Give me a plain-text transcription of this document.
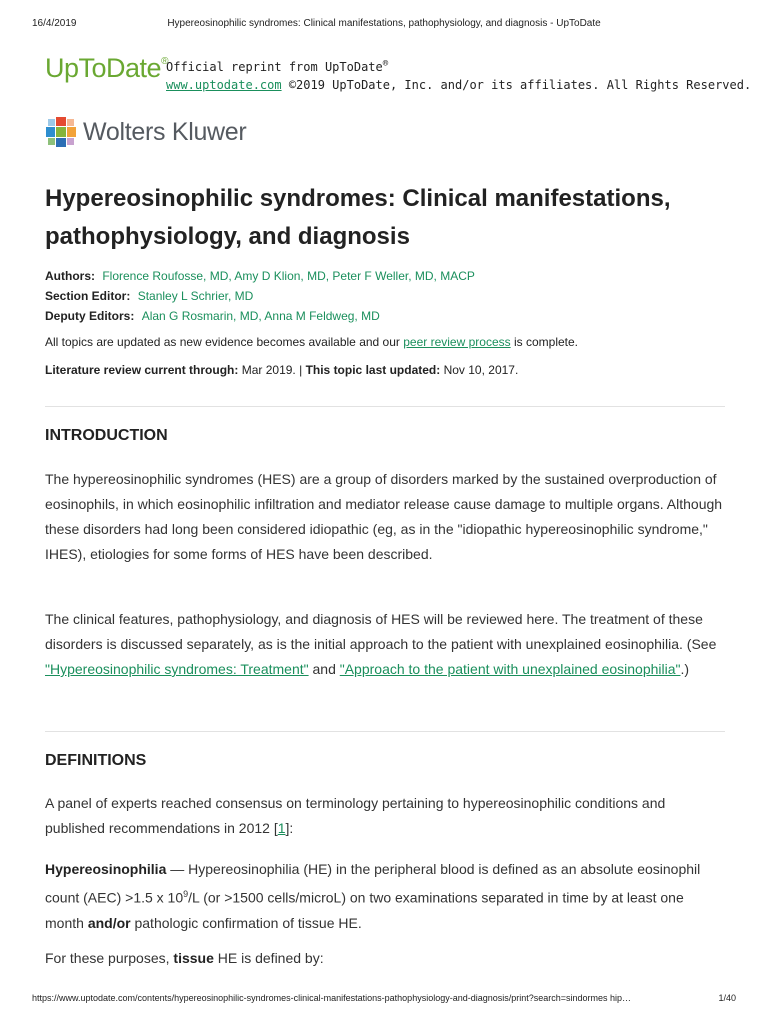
16/4/2019	Hypereosinophilic syndromes: Clinical manifestations, pathophysiology, and diagnosis - UpToDate
UpToDate®
Official reprint from UpToDate®
www.uptodate.com ©2019 UpToDate, Inc. and/or its affiliates. All Rights Reserved.
Wolters Kluwer
Hypereosinophilic syndromes: Clinical manifestations, pathophysiology, and diagnosis
Authors: Florence Roufosse, MD, Amy D Klion, MD, Peter F Weller, MD, MACP
Section Editor: Stanley L Schrier, MD
Deputy Editors: Alan G Rosmarin, MD, Anna M Feldweg, MD
All topics are updated as new evidence becomes available and our peer review process is complete.
Literature review current through: Mar 2019. | This topic last updated: Nov 10, 2017.
INTRODUCTION

The hypereosinophilic syndromes (HES) are a group of disorders marked by the sustained overproduction of eosinophils, in which eosinophilic infiltration and mediator release cause damage to multiple organs. Although these disorders had long been considered idiopathic (eg, as in the "idiopathic hypereosinophilic syndrome," IHES), etiologies for some forms of HES have been described.

The clinical features, pathophysiology, and diagnosis of HES will be reviewed here. The treatment of these disorders is discussed separately, as is the initial approach to the patient with unexplained eosinophilia. (See "Hypereosinophilic syndromes: Treatment" and "Approach to the patient with unexplained eosinophilia".)

DEFINITIONS

A panel of experts reached consensus on terminology pertaining to hypereosinophilic conditions and published recommendations in 2012 [1]:

Hypereosinophilia — Hypereosinophilia (HE) in the peripheral blood is defined as an absolute eosinophil count (AEC) >1.5 x $10^9/L$ (or >1500 cells/microL) on two examinations separated in time by at least one month and/or pathologic confirmation of tissue HE.

For these purposes, tissue HE is defined by:

https://www.uptodate.com/contents/hypereosinophilic-syndromes-clinical-manifestations-pathophysiology-and-diagnosis/print?search=sindormes hip…	1/40
